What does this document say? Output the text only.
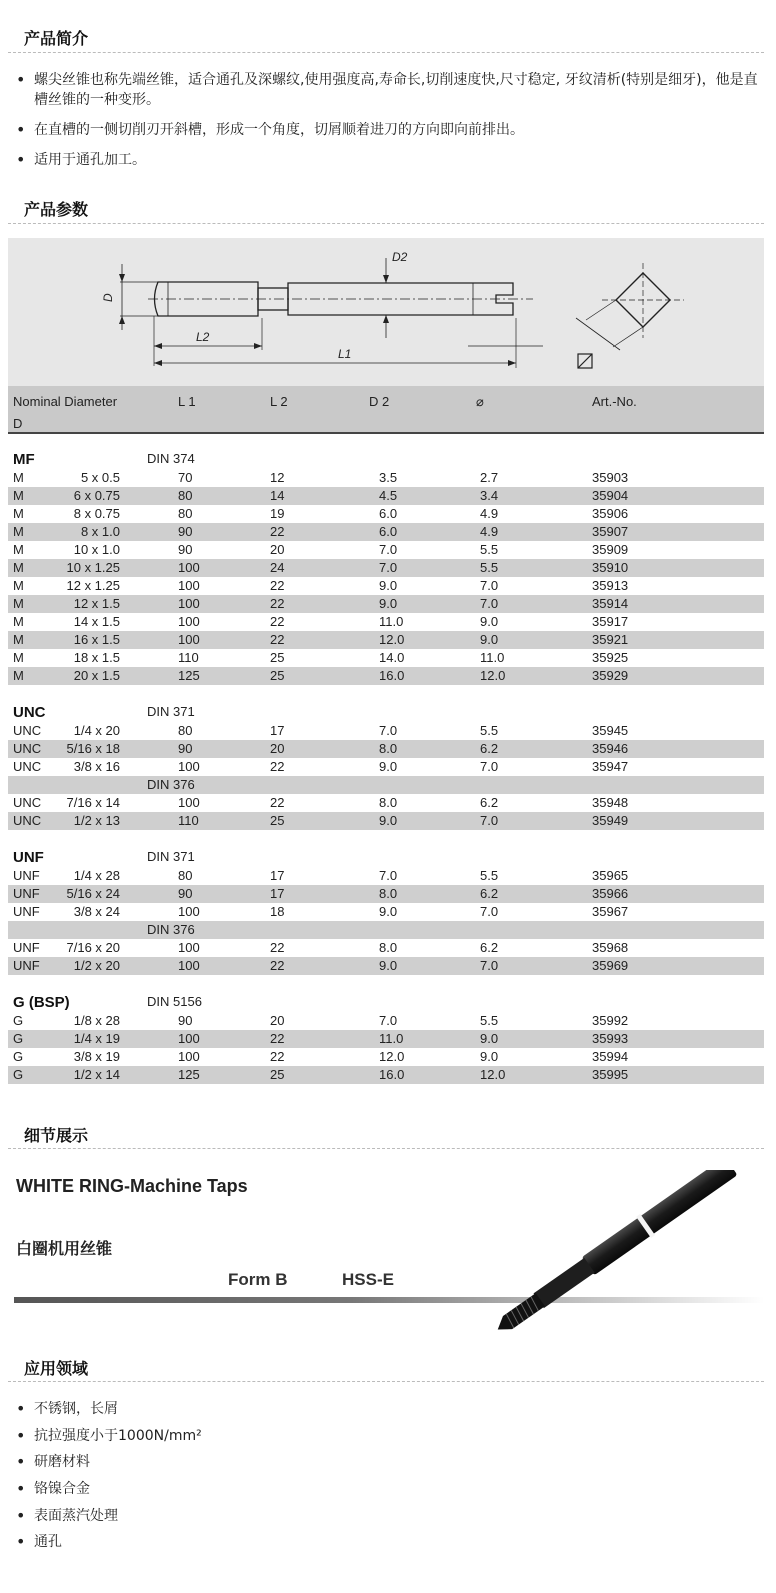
产品简介
• 螺尖丝锥也称先端丝锥，适合通孔及深螺纹,使用强度高,寿命长,切削速度快,尺寸稳定, 牙纹清析(特别是细牙)，他是直槽丝锥的一种变形。
• 在直槽的一侧切削刃开斜槽，形成一个角度，切屑顺着进刀的方向即向前排出。
• 适用于通孔加工。
产品参数
D
D2
L2
L1
Nominal Diameter
D
L 1	L 2	D 2	⌀	Art.-No.
MF	DIN 374
M	5 x 0.5	70	12	3.5	2.7	35903
M	6 x 0.75	80	14	4.5	3.4	35904
M	8 x 0.75	80	19	6.0	4.9	35906
M	8 x 1.0	90	22	6.0	4.9	35907
M	10 x 1.0	90	20	7.0	5.5	35909
M	10 x 1.25	100	24	7.0	5.5	35910
M	12 x 1.25	100	22	9.0	7.0	35913
M	12 x 1.5	100	22	9.0	7.0	35914
M	14 x 1.5	100	22	11.0	9.0	35917
M	16 x 1.5	100	22	12.0	9.0	35921
M	18 x 1.5	110	25	14.0	11.0	35925
M	20 x 1.5	125	25	16.0	12.0	35929
UNC	DIN 371
UNC	1/4 x 20	80	17	7.0	5.5	35945
UNC 5/16 x 18	90	20	8.0	6.2	35946
UNC	3/8 x 16	100	22	9.0	7.0	35947
DIN 376
UNC 7/16 x 14	100	22	8.0	6.2	35948
UNC	1/2 x 13	110	25	9.0	7.0	35949
UNF	DIN 371
UNF	1/4 x 28	80	17	7.0	5.5	35965
UNF 5/16 x 24	90	17	8.0	6.2	35966
UNF	3/8 x 24	100	18	9.0	7.0	35967
DIN 376
UNF 7/16 x 20	100	22	8.0	6.2	35968
UNF	1/2 x 20	100	22	9.0	7.0	35969
G (BSP)	DIN 5156
G	1/8 x 28	90	20	7.0	5.5	35992
G	1/4 x 19	100	22	11.0	9.0	35993
G	3/8 x 19	100	22	12.0	9.0	35994
G	1/2 x 14	125	25	16.0	12.0	35995
细节展示
WHITE RING-Machine Taps
白圈机用丝锥
Form B	HSS-E
应用领域
• 不锈钢，长屑
• 抗拉强度小于1000N/mm²
• 研磨材料
• 铬镍合金
• 表面蒸汽处理
• 通孔
